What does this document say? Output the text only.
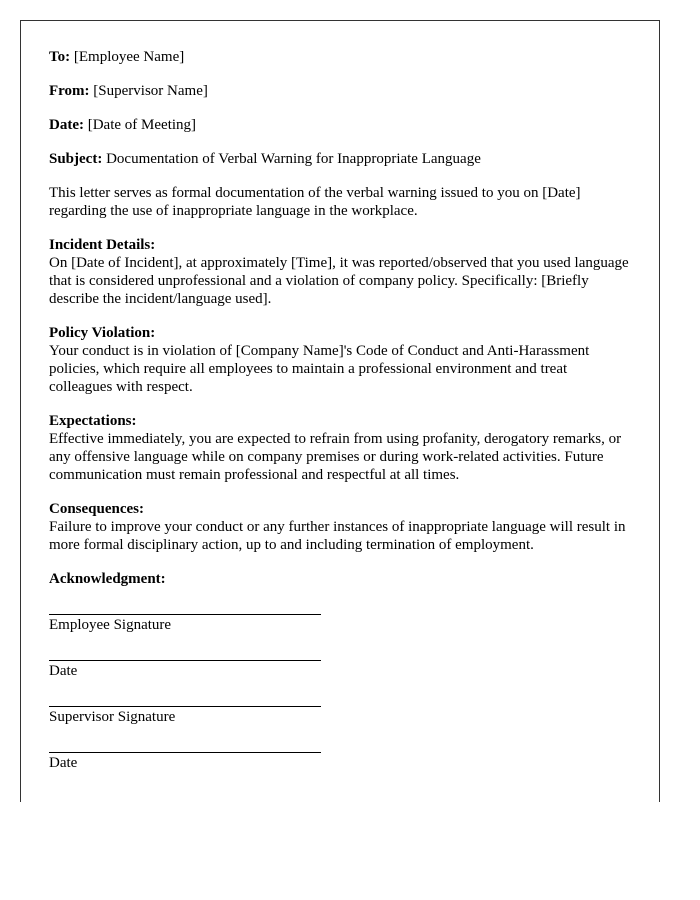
To: [Employee Name]

From: [Supervisor Name]

Date: [Date of Meeting]

Subject: Documentation of Verbal Warning for Inappropriate Language

This letter serves as formal documentation of the verbal warning issued to you on [Date] regarding the use of inappropriate language in the workplace.

Incident Details:
On [Date of Incident], at approximately [Time], it was reported/observed that you used language that is considered unprofessional and a violation of company policy. Specifically: [Briefly describe the incident/language used].
Policy Violation:
Your conduct is in violation of [Company Name]'s Code of Conduct and Anti-Harassment policies, which require all employees to maintain a professional environment and treat colleagues with respect.
Expectations:
Effective immediately, you are expected to refrain from using profanity, derogatory remarks, or any offensive language while on company premises or during work-related activities. Future communication must remain professional and respectful at all times.
Consequences:
Failure to improve your conduct or any further instances of inappropriate language will result in more formal disciplinary action, up to and including termination of employment.
Acknowledgment:
Employee Signature
Date
Supervisor Signature
Date
